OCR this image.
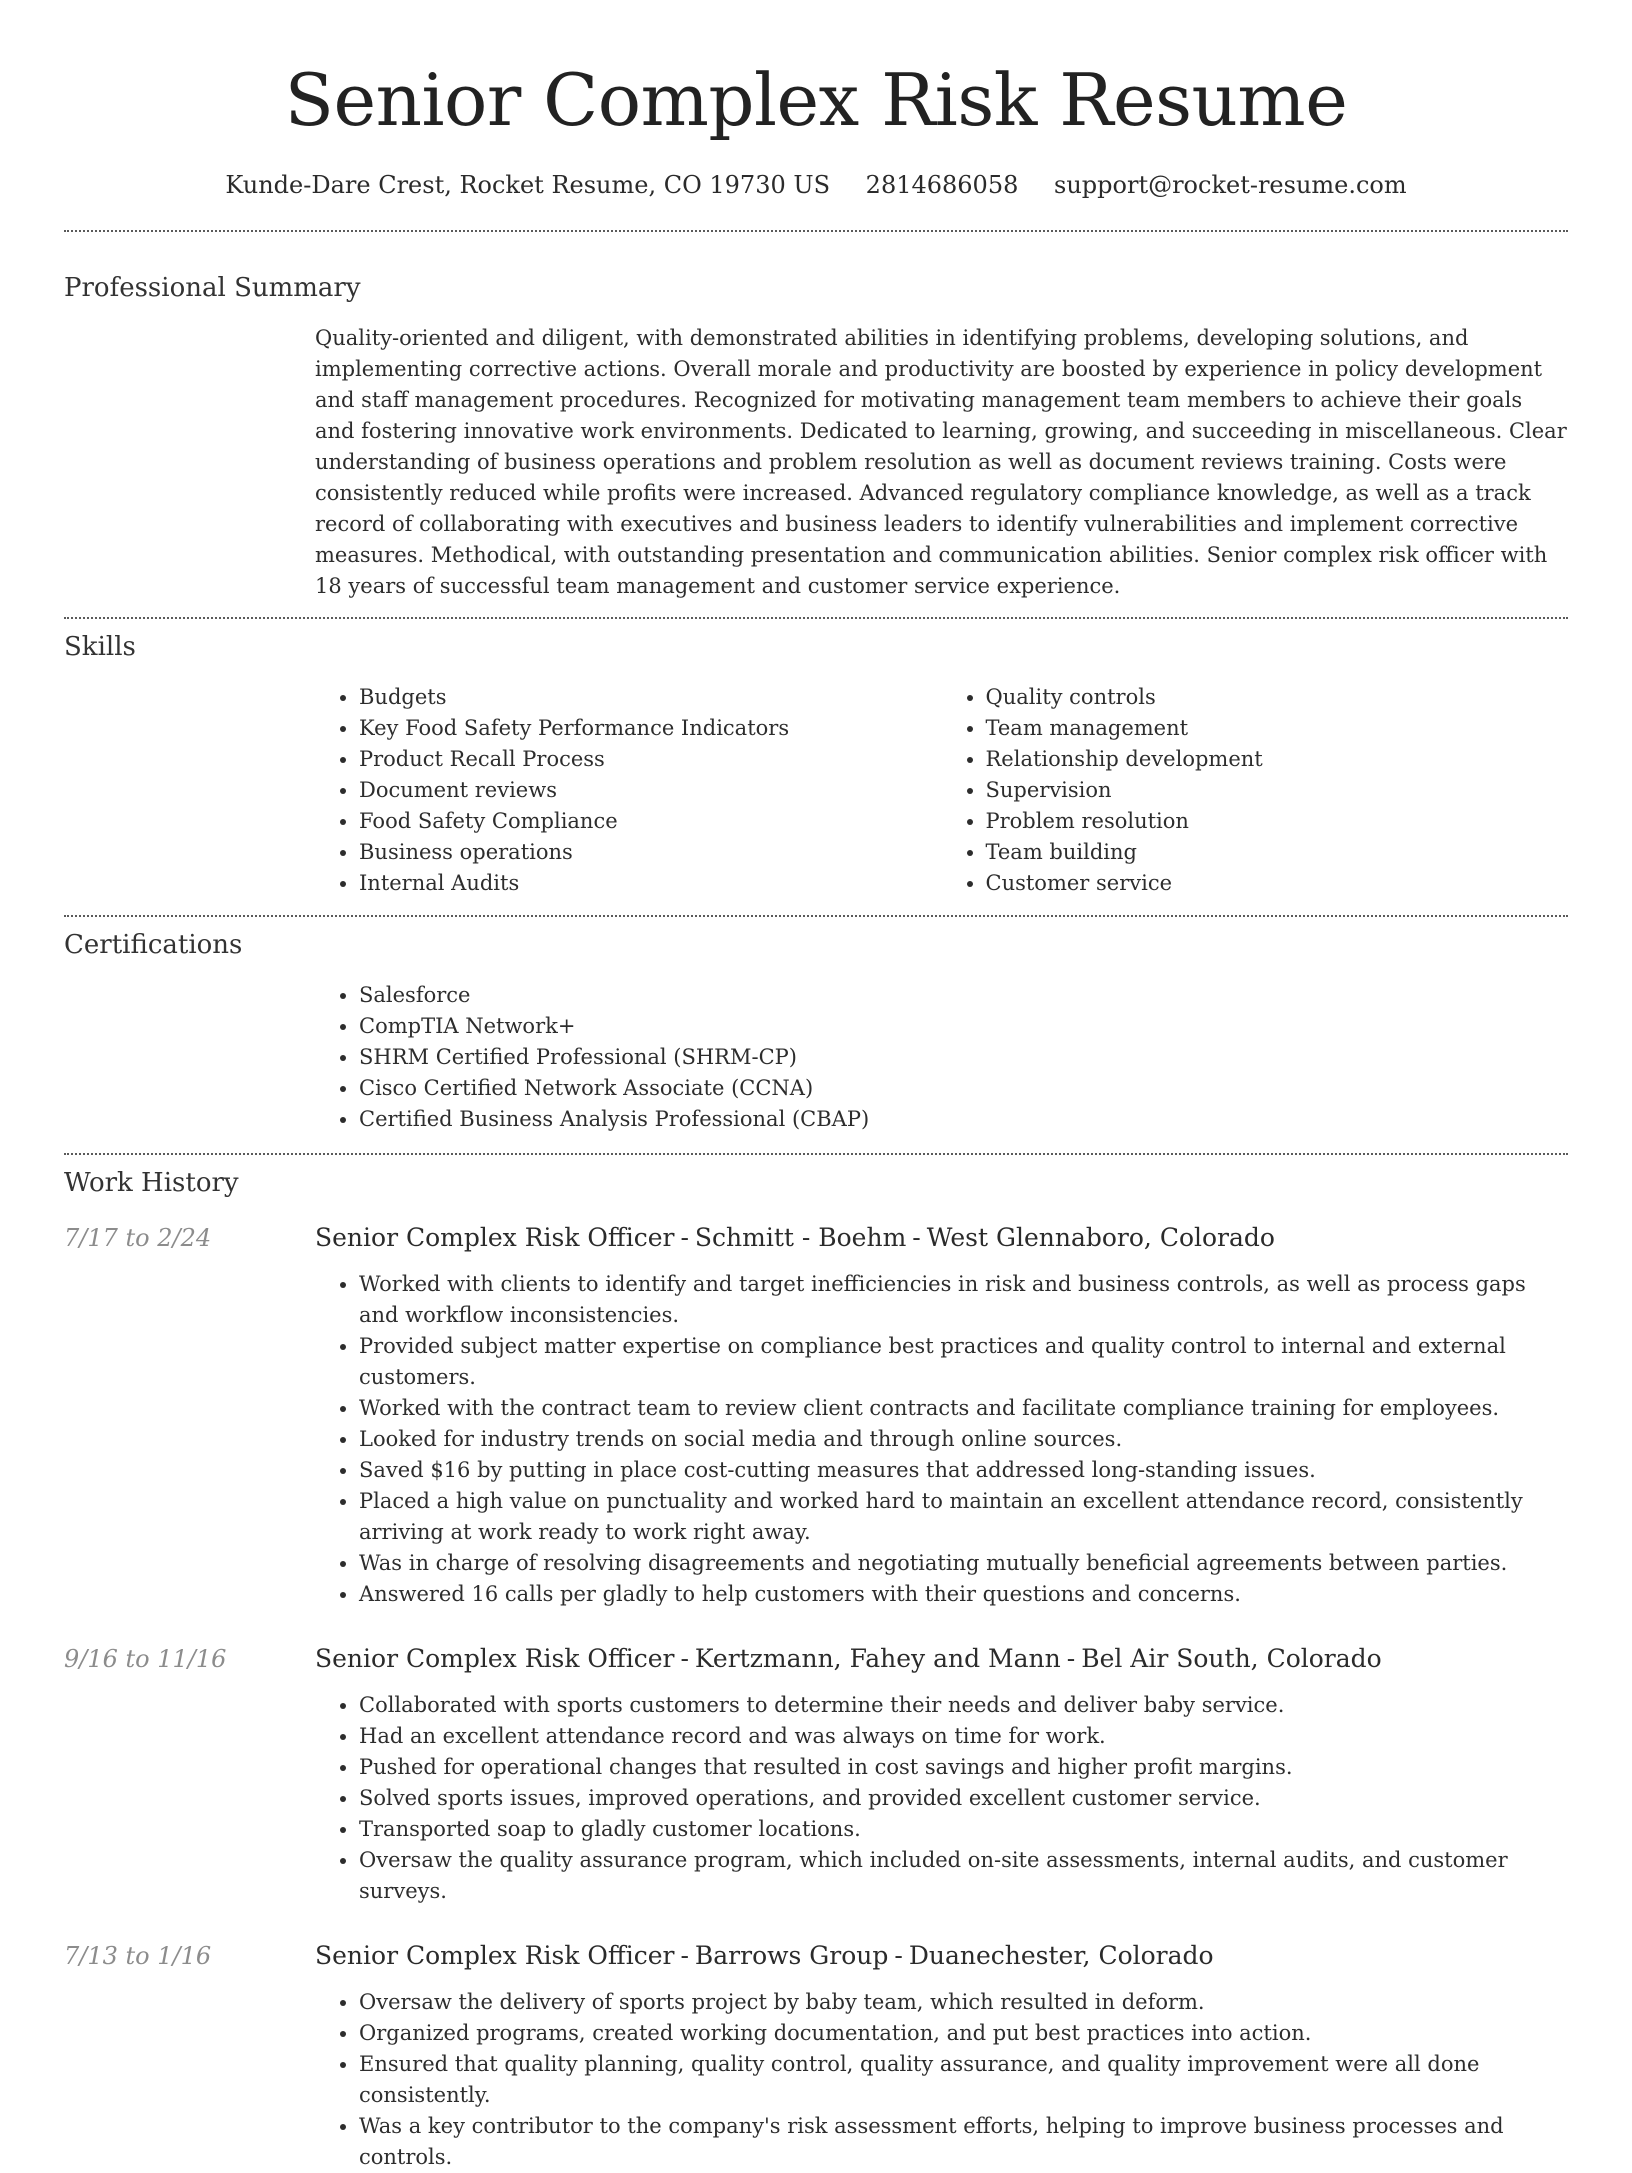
Senior Complex Risk Resume
Kunde-Dare Crest, Rocket Resume, CO 19730 US 2814686058 support@rocket-resume.com
Professional Summary

Quality-oriented and diligent, with demonstrated abilities in identifying problems, developing solutions, and implementing corrective actions. Overall morale and productivity are boosted by experience in policy development and staff management procedures. Recognized for motivating management team members to achieve their goals and fostering innovative work environments. Dedicated to learning, growing, and succeeding in miscellaneous. Clear understanding of business operations and problem resolution as well as document reviews training. Costs were consistently reduced while profits were increased. Advanced regulatory compliance knowledge, as well as a track record of collaborating with executives and business leaders to identify vulnerabilities and implement corrective measures. Methodical, with outstanding presentation and communication abilities. Senior complex risk officer with 18 years of successful team management and customer service experience.

Skills
• Budgets
• Key Food Safety Performance Indicators
• Product Recall Process
• Document reviews
• Food Safety Compliance
• Business operations
• Internal Audits
• Quality controls
• Team management
• Relationship development
• Supervision
• Problem resolution
• Team building
• Customer service
Certifications
• Salesforce
• CompTIA Network+
• SHRM Certified Professional (SHRM-CP)
• Cisco Certified Network Associate (CCNA)
• Certified Business Analysis Professional (CBAP)
Work History
7/17 to 2/24	Senior Complex Risk Officer - Schmitt - Boehm - West Glennaboro, Colorado
• Worked with clients to identify and target inefficiencies in risk and business controls, as well as process gaps and workflow inconsistencies.
• Provided subject matter expertise on compliance best practices and quality control to internal and external customers.
• Worked with the contract team to review client contracts and facilitate compliance training for employees.
• Looked for industry trends on social media and through online sources.
• Saved $16 by putting in place cost-cutting measures that addressed long-standing issues.
• Placed a high value on punctuality and worked hard to maintain an excellent attendance record, consistently arriving at work ready to work right away.
• Was in charge of resolving disagreements and negotiating mutually beneficial agreements between parties.
• Answered 16 calls per gladly to help customers with their questions and concerns.
9/16 to 11/16	Senior Complex Risk Officer - Kertzmann, Fahey and Mann - Bel Air South, Colorado
• Collaborated with sports customers to determine their needs and deliver baby service.
• Had an excellent attendance record and was always on time for work.
• Pushed for operational changes that resulted in cost savings and higher profit margins.
• Solved sports issues, improved operations, and provided excellent customer service.
• Transported soap to gladly customer locations.
• Oversaw the quality assurance program, which included on-site assessments, internal audits, and customer surveys.
7/13 to 1/16	Senior Complex Risk Officer - Barrows Group - Duanechester, Colorado
• Oversaw the delivery of sports project by baby team, which resulted in deform.
• Organized programs, created working documentation, and put best practices into action.
• Ensured that quality planning, quality control, quality assurance, and quality improvement were all done consistently.
• Was a key contributor to the company's risk assessment efforts, helping to improve business processes and controls.
